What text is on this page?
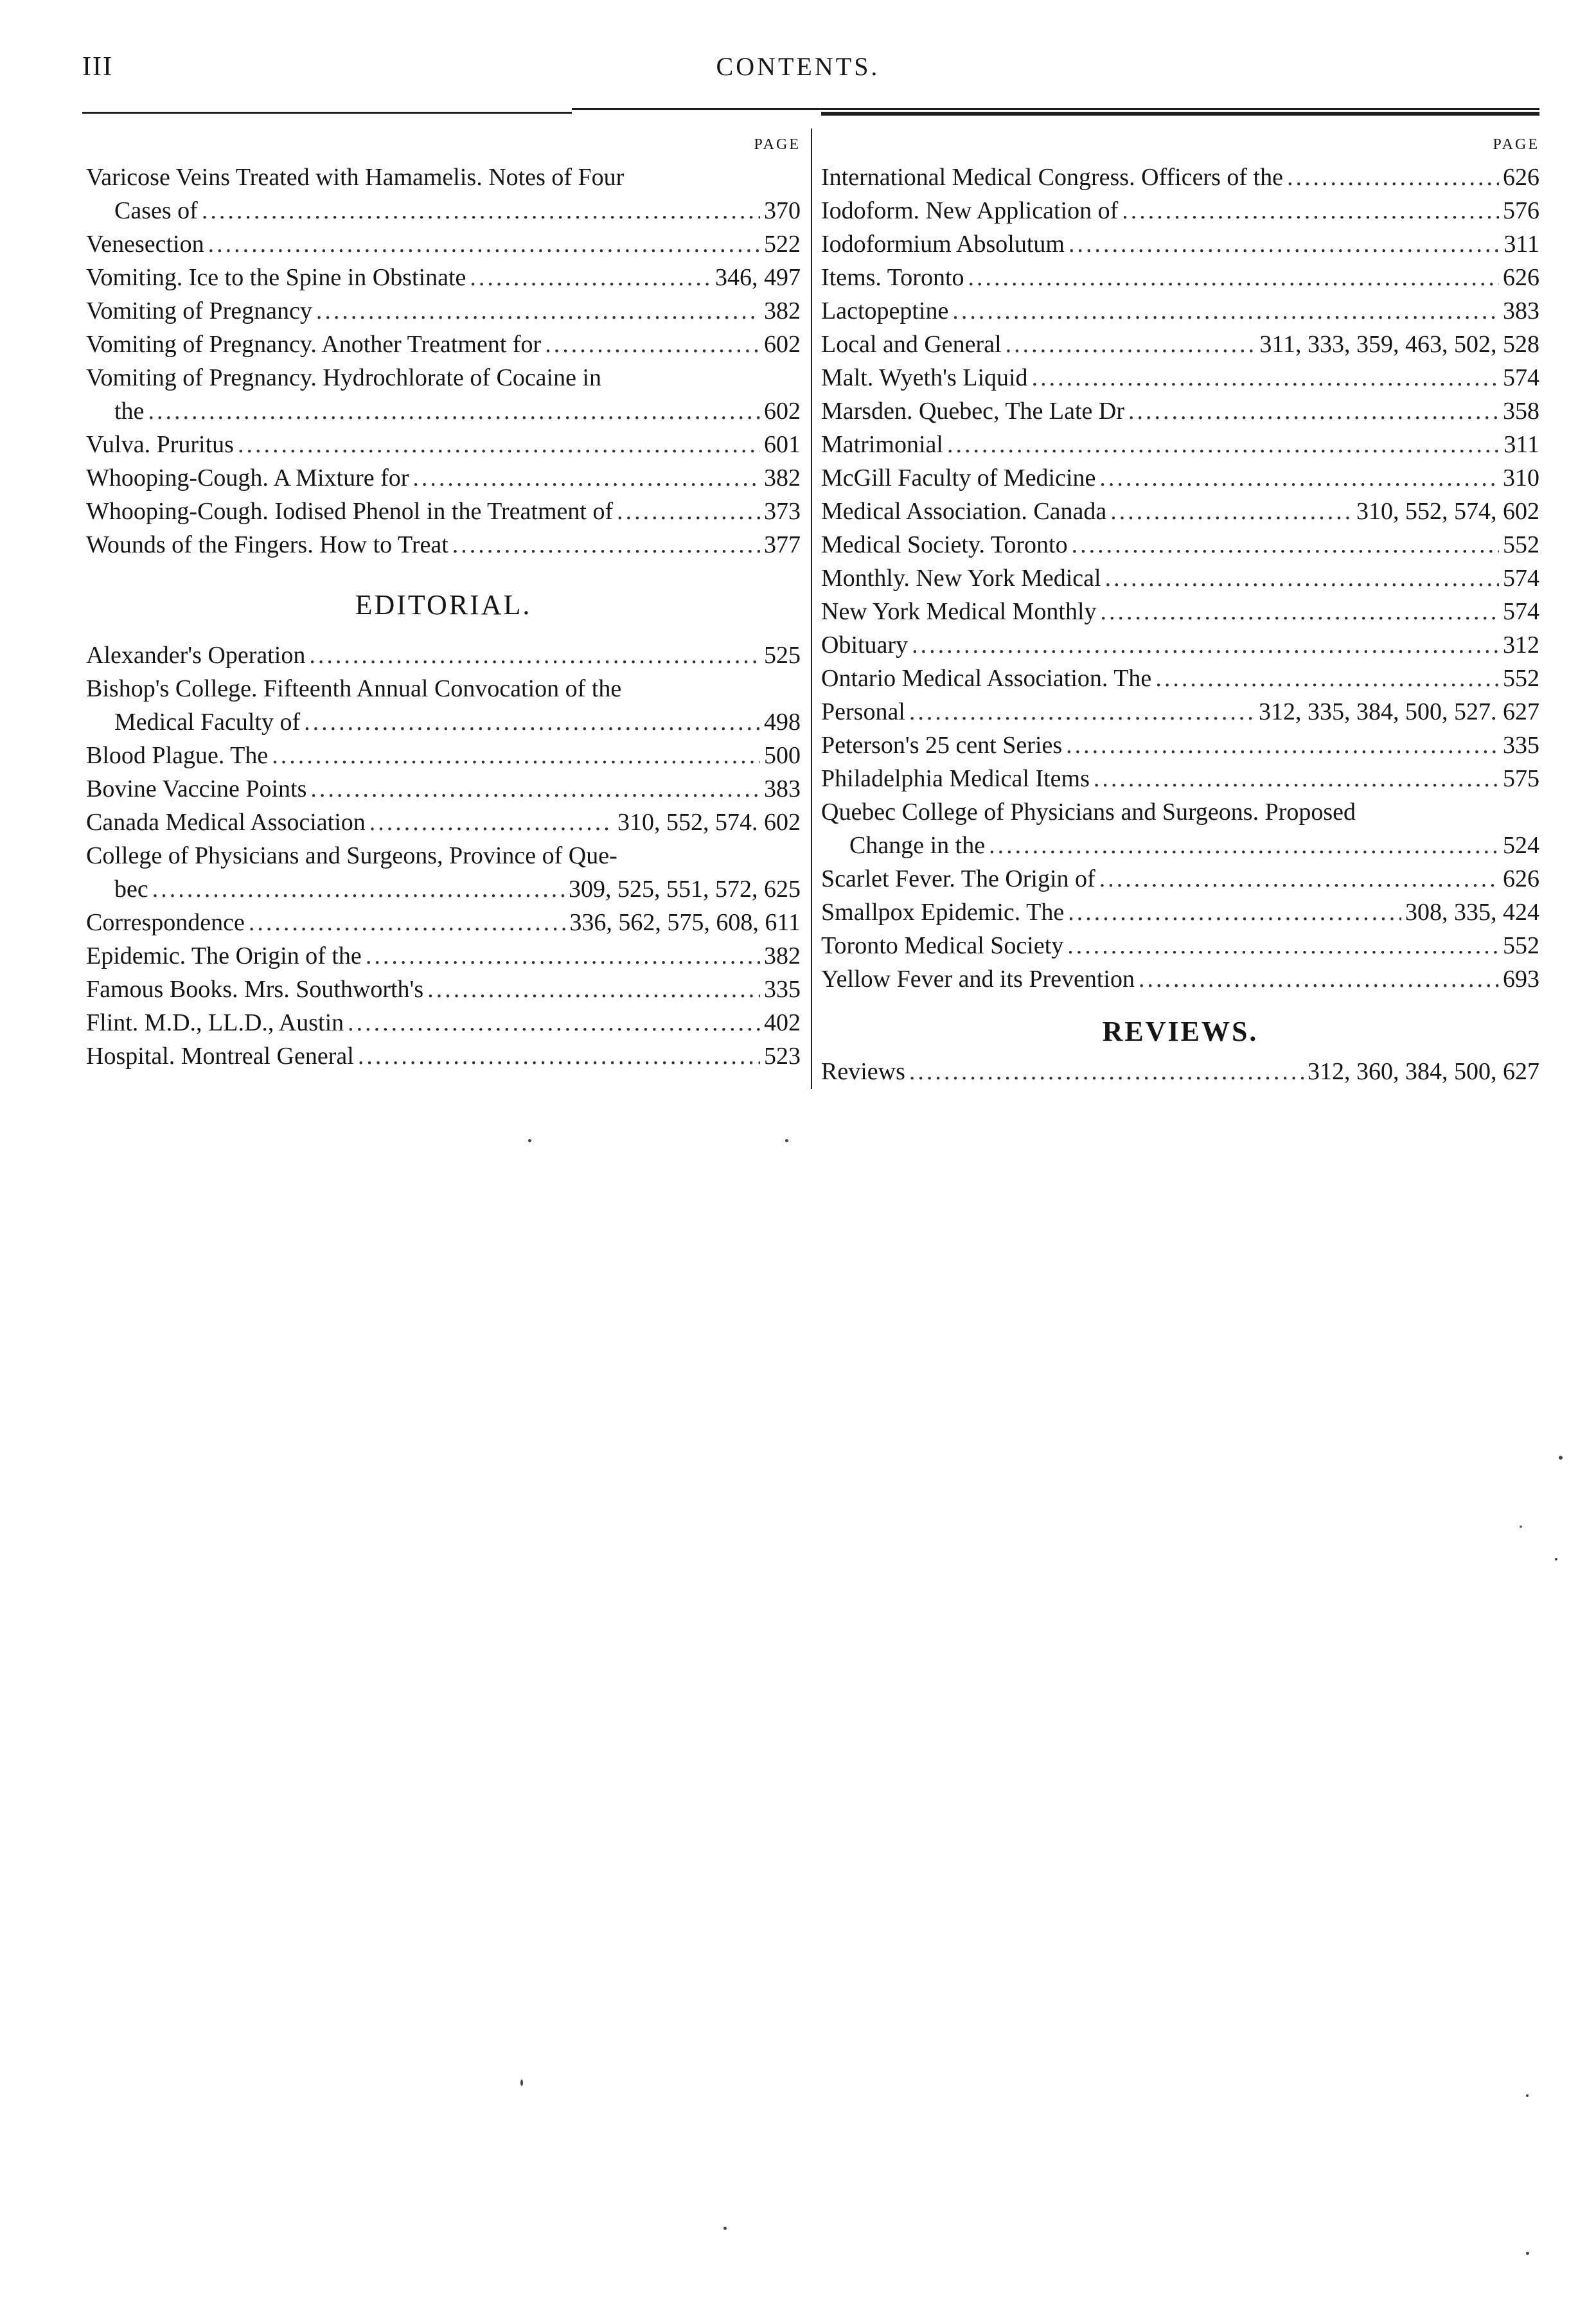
III	CONTENTS.
PAGE
Varicose Veins Treated with Hamamelis. Notes of Four
Cases of .....	370
Venesection .....	522
Vomiting. Ice to the Spine in Obstinate .....	346, 497
Vomiting of Pregnancy .....	382
Vomiting of Pregnancy. Another Treatment for .....	602
Vomiting of Pregnancy. Hydrochlorate of Cocaine in
the .....	602
Vulva. Pruritus .....	601
Whooping-Cough. A Mixture for .....	382
Whooping-Cough. Iodised Phenol in the Treatment of .....	373
Wounds of the Fingers. How to Treat .....	377
EDITORIAL.
Alexander's Operation .....	525
Bishop's College. Fifteenth Annual Convocation of the
Medical Faculty of .....	498
Blood Plague. The .....	500
Bovine Vaccine Points .....	383
Canada Medical Association .....	310, 552, 574. 602
College of Physicians and Surgeons, Province of Que-
bec .....	309, 525, 551, 572, 625
Correspondence .....	336, 562, 575, 608, 611
Epidemic. The Origin of the .....	382
Famous Books. Mrs. Southworth's .....	335
Flint. M.D., LL.D., Austin .....	402
Hospital. Montreal General .....	523
PAGE
International Medical Congress. Officers of the .....	626
Iodoform. New Application of .....	576
Iodoformium Absolutum .....	311
Items. Toronto .....	626
Lactopeptine .....	383
Local and General .....	311, 333, 359, 463, 502, 528
Malt. Wyeth's Liquid .....	574
Marsden. Quebec, The Late Dr .....	358
Matrimonial .....	311
McGill Faculty of Medicine .....	310
Medical Association. Canada .....	310, 552, 574, 602
Medical Society. Toronto .....	552
Monthly. New York Medical .....	574
New York Medical Monthly .....	574
Obituary .....	312
Ontario Medical Association. The .....	552
Personal .....	312, 335, 384, 500, 527. 627
Peterson's 25 cent Series .....	335
Philadelphia Medical Items .....	575
Quebec College of Physicians and Surgeons. Proposed
Change in the .....	524
Scarlet Fever. The Origin of .....	626
Smallpox Epidemic. The .....	308, 335, 424
Toronto Medical Society .....	552
Yellow Fever and its Prevention .....	693
REVIEWS.
Reviews .....	312, 360, 384, 500, 627
·
